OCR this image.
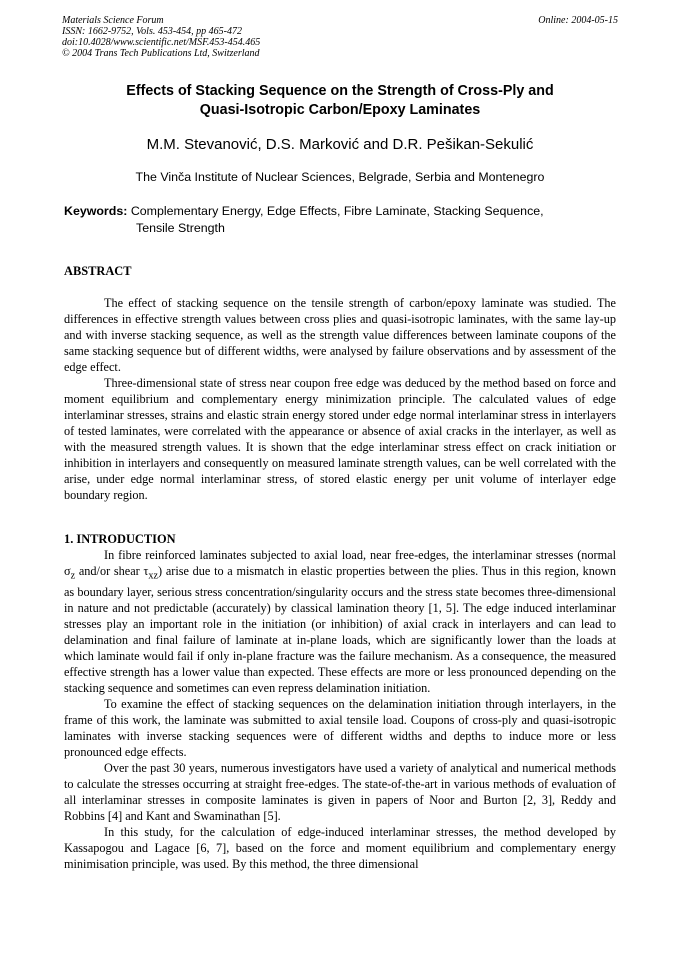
Materials Science Forum
ISSN: 1662-9752, Vols. 453-454, pp 465-472
doi:10.4028/www.scientific.net/MSF.453-454.465
© 2004 Trans Tech Publications Ltd, Switzerland
Online: 2004-05-15
Effects of Stacking Sequence on the Strength of Cross-Ply and
Quasi-Isotropic Carbon/Epoxy Laminates
M.M. Stevanović, D.S. Marković and D.R. Pešikan-Sekulić
The Vinča Institute of Nuclear Sciences, Belgrade, Serbia and Montenegro
Keywords: Complementary Energy, Edge Effects, Fibre Laminate, Stacking Sequence,
Tensile Strength
ABSTRACT

The effect of stacking sequence on the tensile strength of carbon/epoxy laminate was studied. The differences in effective strength values between cross plies and quasi-isotropic laminates, with the same lay-up and with inverse stacking sequence, as well as the strength value differences between laminate coupons of the same stacking sequence but of different widths, were analysed by failure observations and by assessment of the edge effect.

Three-dimensional state of stress near coupon free edge was deduced by the method based on force and moment equilibrium and complementary energy minimization principle. The calculated values of edge interlaminar stresses, strains and elastic strain energy stored under edge normal interlaminar stress in interlayers of tested laminates, were correlated with the appearance or absence of axial cracks in the interlayer, as well as with the measured strength values. It is shown that the edge interlaminar stress effect on crack initiation or inhibition in interlayers and consequently on measured laminate strength values, can be well correlated with the arise, under edge normal interlaminar stress, of stored elastic energy per unit volume of interlayer edge boundary region.

1. INTRODUCTION

In fibre reinforced laminates subjected to axial load, near free-edges, the interlaminar stresses (normal $\sigma_z$ and/or shear $\tau_{xz}$) arise due to a mismatch in elastic properties between the plies. Thus in this region, known as boundary layer, serious stress concentration/singularity occurs and the stress state becomes three-dimensional in nature and not predictable (accurately) by classical lamination theory [1, 5]. The edge induced interlaminar stresses play an important role in the initiation (or inhibition) of axial crack in interlayers and can lead to delamination and final failure of laminate at in-plane loads, which are significantly lower than the loads at which laminate would fail if only in-plane fracture was the failure mechanism. As a consequence, the measured effective strength has a lower value than expected. These effects are more or less pronounced depending on the stacking sequence and sometimes can even repress delamination initiation.

To examine the effect of stacking sequences on the delamination initiation through interlayers, in the frame of this work, the laminate was submitted to axial tensile load. Coupons of cross-ply and quasi-isotropic laminates with inverse stacking sequences were of different widths and depths to induce more or less pronounced edge effects.

Over the past 30 years, numerous investigators have used a variety of analytical and numerical methods to calculate the stresses occurring at straight free-edges. The state-of-the-art in various methods of evaluation of all interlaminar stresses in composite laminates is given in papers of Noor and Burton [2, 3], Reddy and Robbins [4] and Kant and Swaminathan [5].

In this study, for the calculation of edge-induced interlaminar stresses, the method developed by Kassapogou and Lagace [6, 7], based on the force and moment equilibrium and complementary energy minimisation principle, was used. By this method, the three dimensional
